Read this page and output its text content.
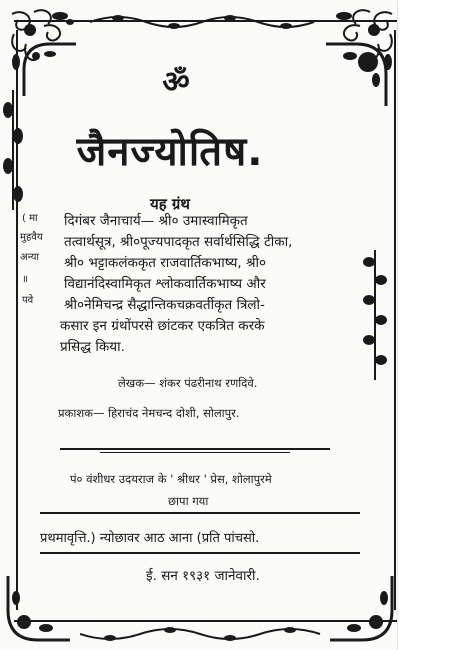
ॐ
जैनज्योतिष.
यह ग्रंथ
( मा
मुहवैय
अन्या
॥
पवे
दिगंबर जैनाचार्य— श्री० उमास्वामिकृत
तत्वार्थसूत्र, श्री०पूज्यपादकृत सर्वार्थसिद्धि टीका,
श्री० भट्टाकलंककृत राजवार्तिकभाष्य, श्री०
विद्यानंदिस्वामिकृत श्लोकवार्तिकभाष्य और
श्री०नेमिचन्द्र सैद्धान्तिकचक्रवर्तीकृत त्रिलो-
कसार इन ग्रंथोंपरसे छांटकर एकत्रित करके
प्रसिद्ध किया.
लेखक— शंकर पंढरीनाथ रणदिवे.
प्रकाशक— हिराचंद नेमचन्द दोशी, सोलापुर.
पं० वंशीधर उदयराज के ' श्रीधर ' प्रेस, शोलापुरमे
छापा गया
प्रथमावृत्ति.) न्योछावर आठ आना (प्रति पांचसो.
ई. सन १९३१ जानेवारी.
